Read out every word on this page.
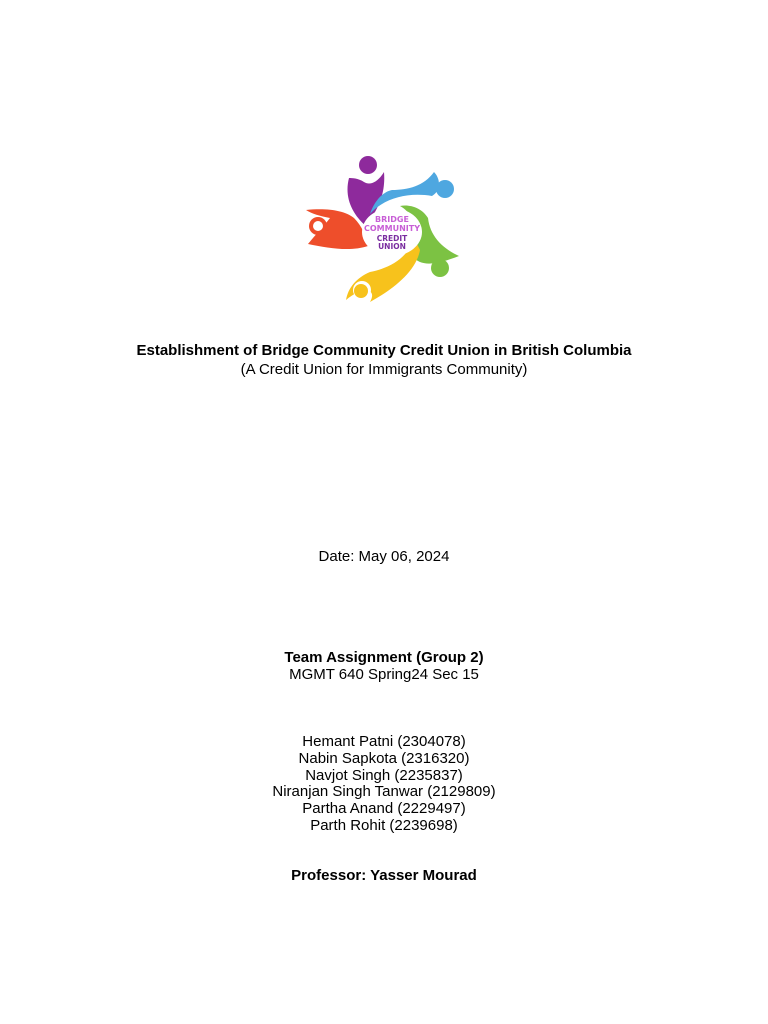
BRIDGE
COMMUNITY
CREDIT
UNION
Establishment of Bridge Community Credit Union in British Columbia
(A Credit Union for Immigrants Community)
Date: May 06, 2024
Team Assignment (Group 2)
MGMT 640 Spring24 Sec 15
Hemant Patni (2304078)
Nabin Sapkota (2316320)
Navjot Singh (2235837)
Niranjan Singh Tanwar (2129809)
Partha Anand (2229497)
Parth Rohit (2239698)
Professor: Yasser Mourad
